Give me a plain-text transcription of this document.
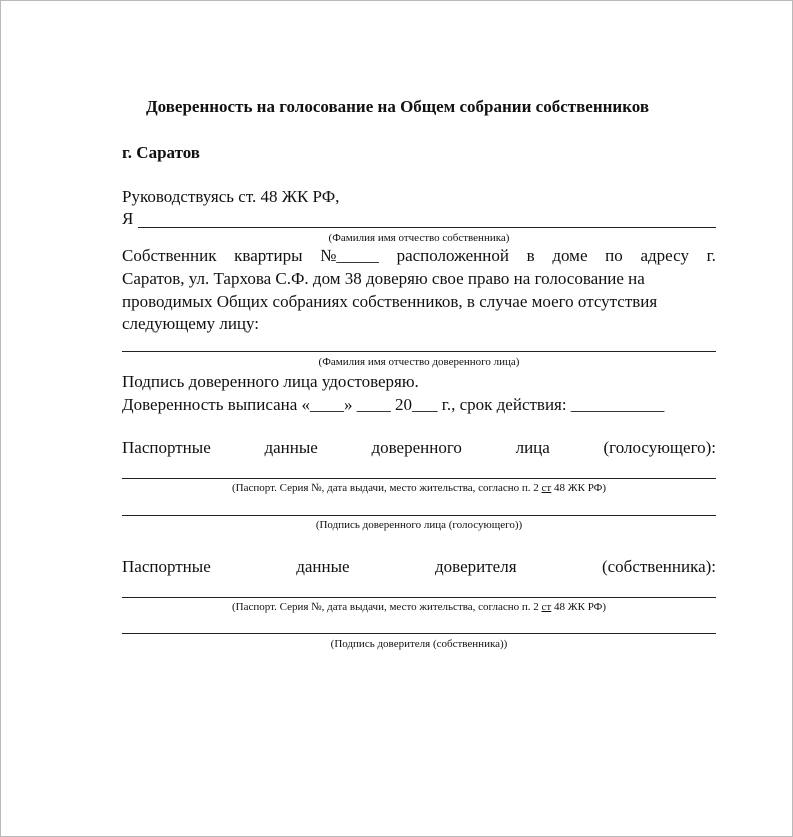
Доверенность на голосование на Общем собрании собственников
г. Саратов
Руководствуясь ст. 48 ЖК РФ,
Я
(Фамилия имя отчество собственника)
Собственник квартиры №_____ расположенной в доме по адресу г.
Саратов, ул. Тархова С.Ф. дом 38 доверяю свое право на голосование на
проводимых Общих собраниях собственников, в случае моего отсутствия
следующему лицу:
(Фамилия имя отчество доверенного лица)
Подпись доверенного лица удостоверяю.
Доверенность выписана «____» ____ 20___ г., срок действия: ___________
Паспортные	данные	доверенного	лица	(голосующего):
(Паспорт. Серия №, дата выдачи, место жительства, согласно п. 2 ст 48 ЖК РФ)
(Подпись доверенного лица (голосующего))
Паспортные	данные	доверителя	(собственника):
(Паспорт. Серия №, дата выдачи, место жительства, согласно п. 2 ст 48 ЖК РФ)
(Подпись доверителя (собственника))
